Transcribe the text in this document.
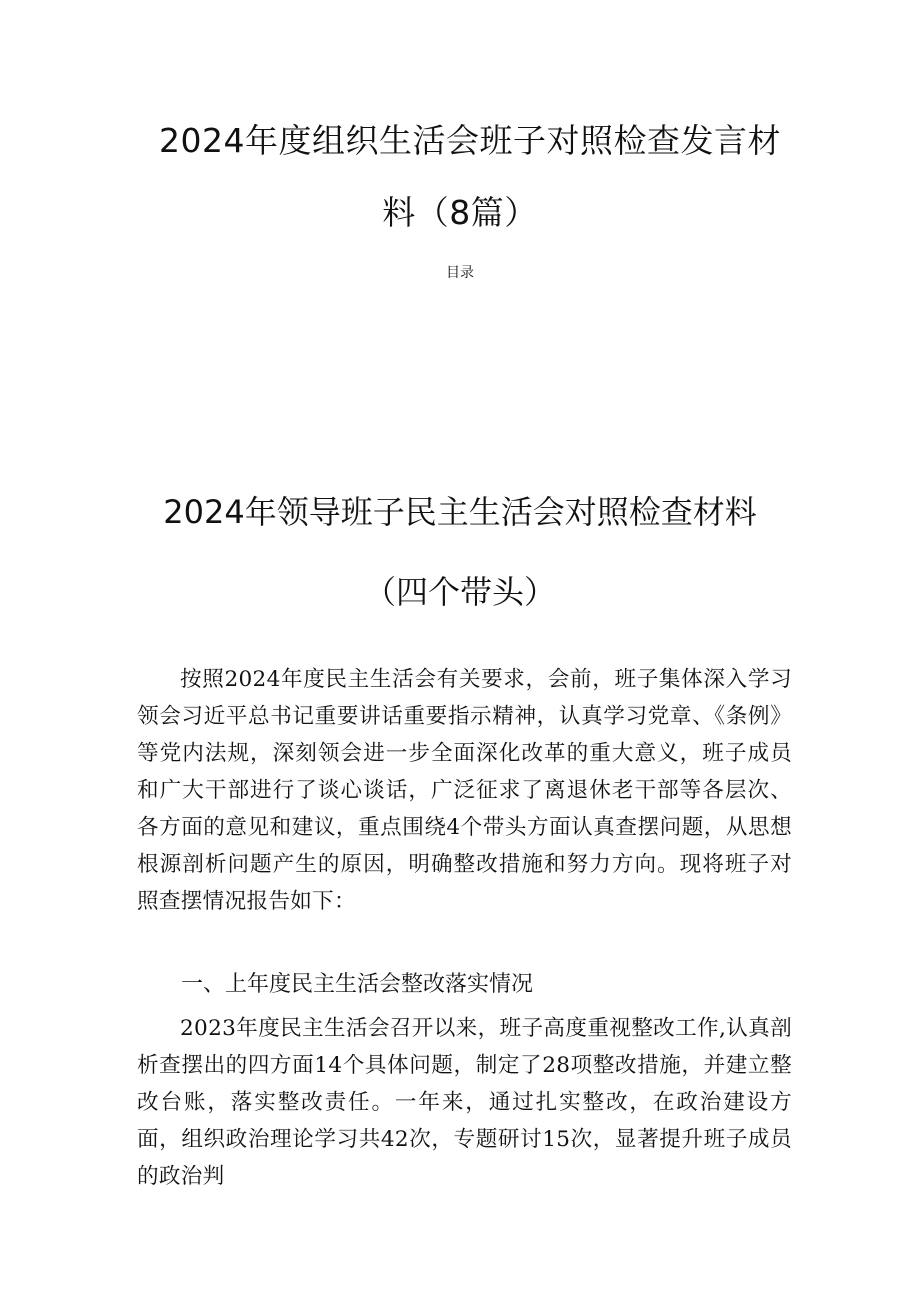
2024年度组织生活会班子对照检查发言材
料（8篇）
目录
2024年领导班子民主生活会对照检查材料
（四个带头）

按照2024年度民主生活会有关要求，会前，班子集体深入学习领会习近平总书记重要讲话重要指示精神，认真学习党章、《条例》等党内法规，深刻领会进一步全面深化改革的重大意义，班子成员和广大干部进行了谈心谈话，广泛征求了离退休老干部等各层次、各方面的意见和建议，重点围绕4个带头方面认真查摆问题，从思想根源剖析问题产生的原因，明确整改措施和努力方向。现将班子对照查摆情况报告如下：

一、上年度民主生活会整改落实情况

2023年度民主生活会召开以来，班子高度重视整改工作,认真剖析查摆出的四方面14个具体问题，制定了28项整改措施，并建立整改台账，落实整改责任。一年来，通过扎实整改，在政治建设方面，组织政治理论学习共42次，专题研讨15次，显著提升班子成员的政治判
